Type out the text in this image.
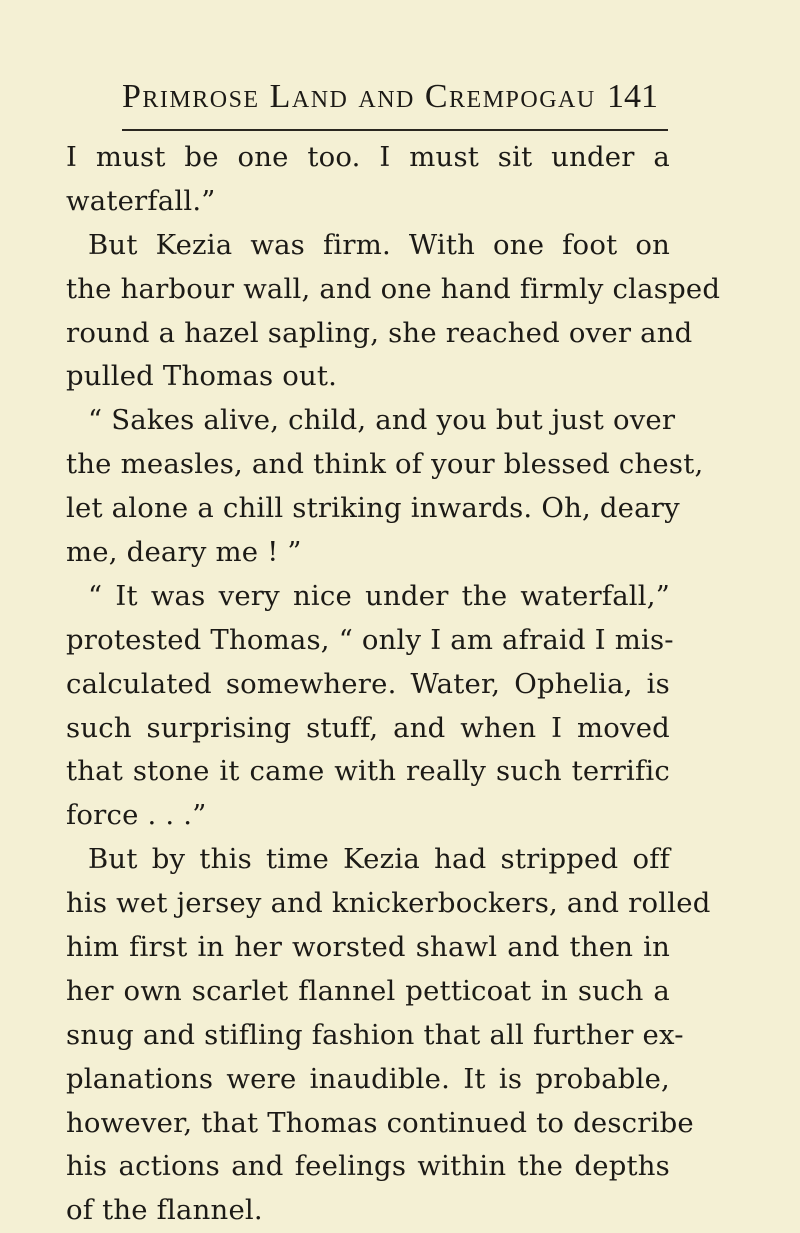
Primrose Land and Crempogau 141
I must be one too. I must sit under a
waterfall.”
But Kezia was firm. With one foot on
the harbour wall, and one hand firmly clasped
round a hazel sapling, she reached over and
pulled Thomas out.
“ Sakes alive, child, and you but just over
the measles, and think of your blessed chest,
let alone a chill striking inwards. Oh, deary
me, deary me ! ”
“ It was very nice under the waterfall,”
protested Thomas, “ only I am afraid I mis-
calculated somewhere. Water, Ophelia, is
such surprising stuff, and when I moved
that stone it came with really such terrific
force . . .”
But by this time Kezia had stripped off
his wet jersey and knickerbockers, and rolled
him first in her worsted shawl and then in
her own scarlet flannel petticoat in such a
snug and stifling fashion that all further ex-
planations were inaudible. It is probable,
however, that Thomas continued to describe
his actions and feelings within the depths
of the flannel.
